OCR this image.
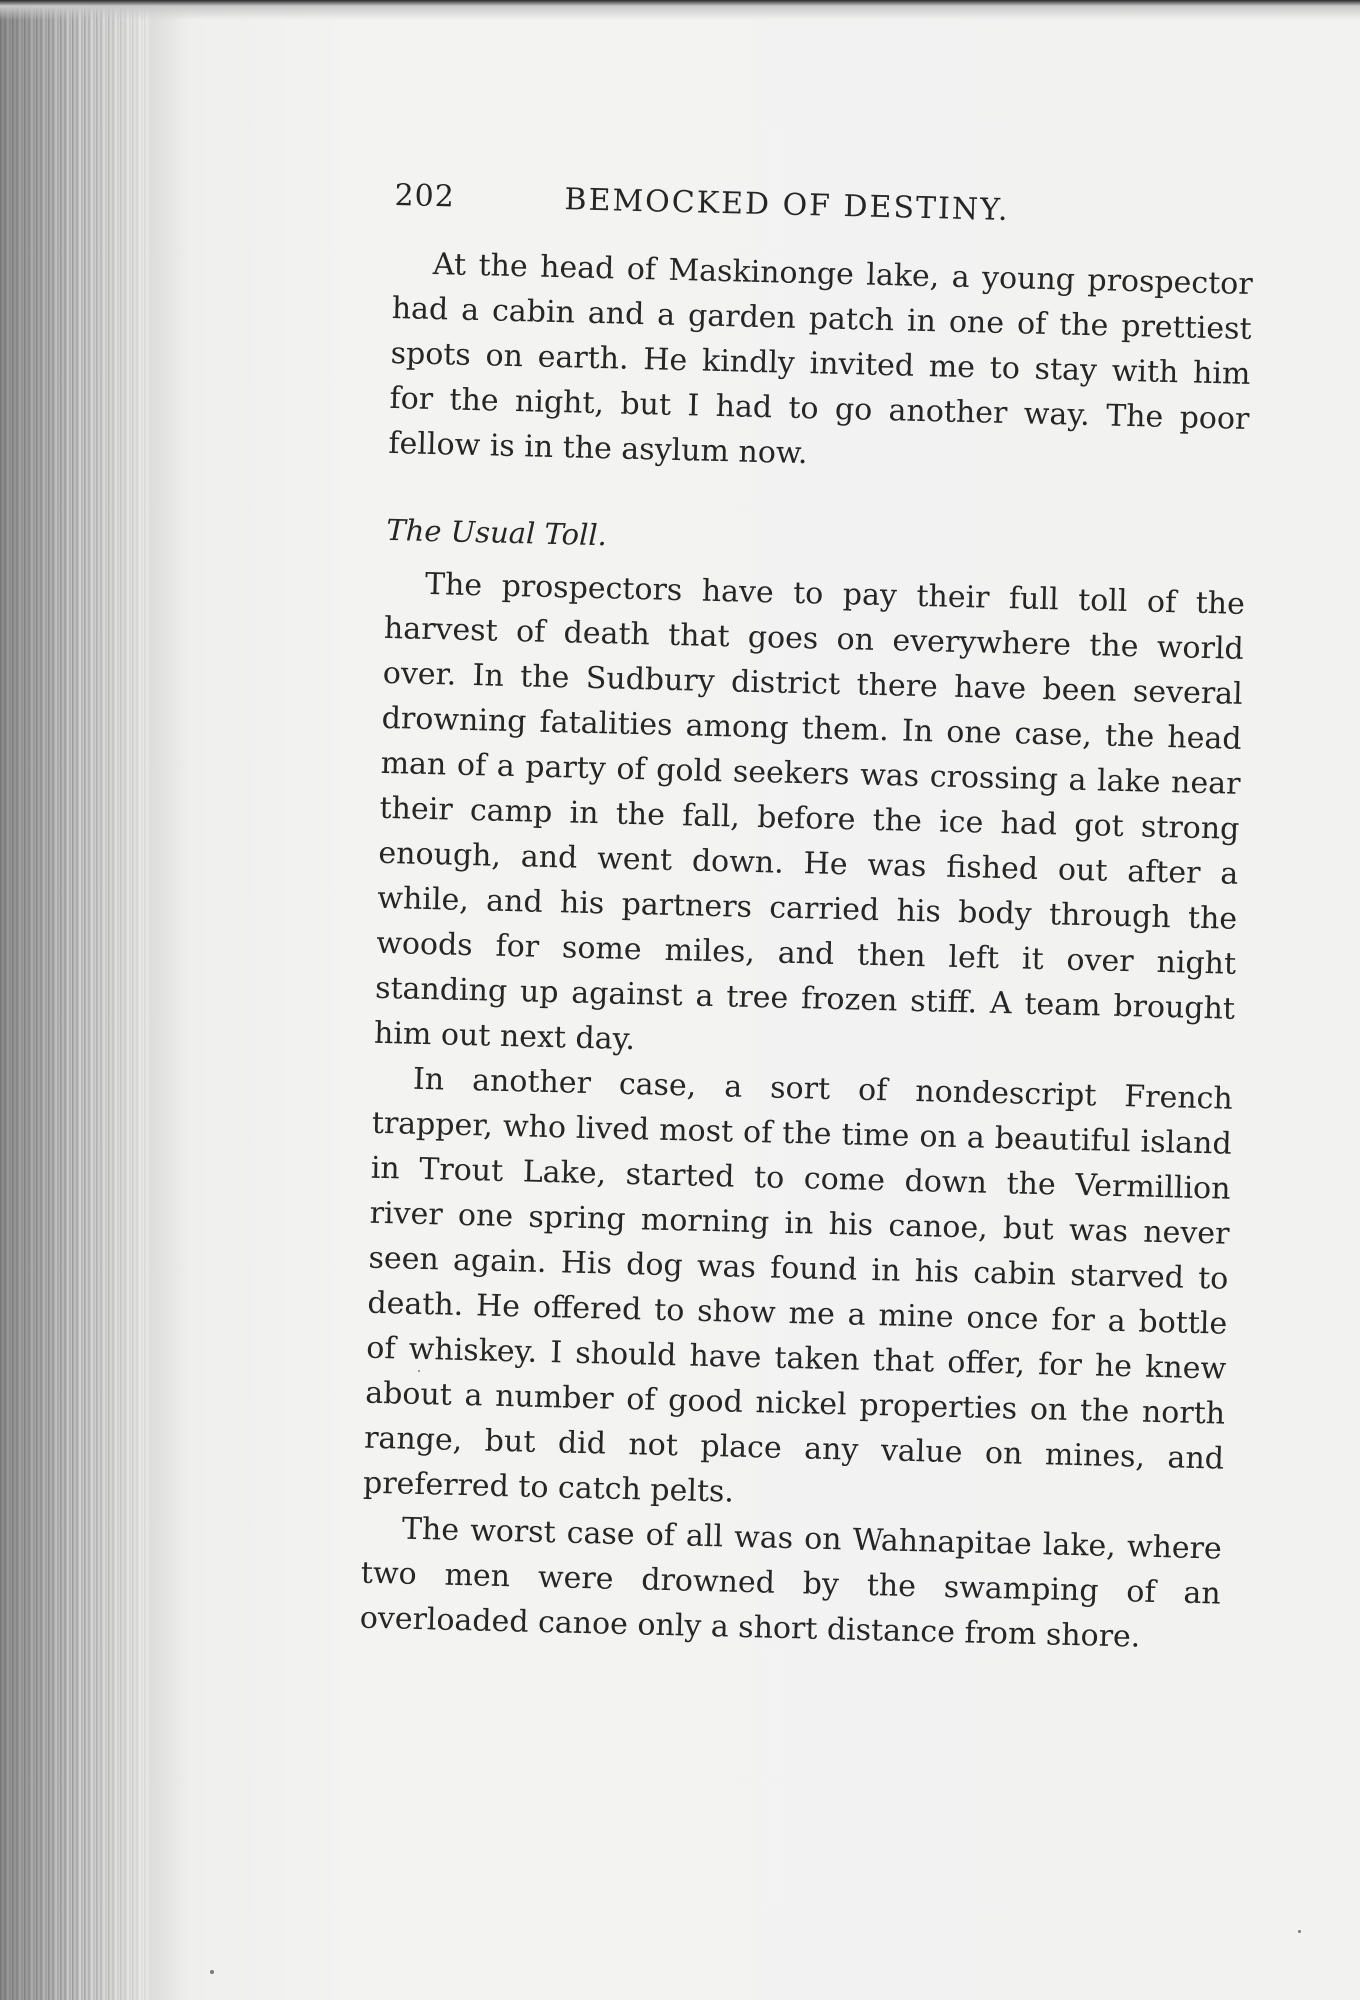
202	BEMOCKED OF DESTINY.

At the head of Maskinonge lake, a young prospector had a cabin and a garden patch in one of the prettiest spots on earth. He kindly invited me to stay with him for the night, but I had to go another way. The poor fellow is in the asylum now.

The Usual Toll.

The prospectors have to pay their full toll of the harvest of death that goes on everywhere the world over. In the Sudbury district there have been several drowning fatalities among them. In one case, the head man of a party of gold seekers was crossing a lake near their camp in the fall, before the ice had got strong enough, and went down. He was fished out after a while, and his partners carried his body through the woods for some miles, and then left it over night standing up against a tree frozen stiff. A team brought him out next day.

In another case, a sort of nondescript French trapper, who lived most of the time on a beautiful island in Trout Lake, started to come down the Vermillion river one spring morning in his canoe, but was never seen again. His dog was found in his cabin starved to death. He offered to show me a mine once for a bottle of whiskey. I should have taken that offer, for he knew about a number of good nickel properties on the north range, but did not place any value on mines, and preferred to catch pelts.

The worst case of all was on Wahnapitae lake, where two men were drowned by the swamping of an overloaded canoe only a short distance from shore.
